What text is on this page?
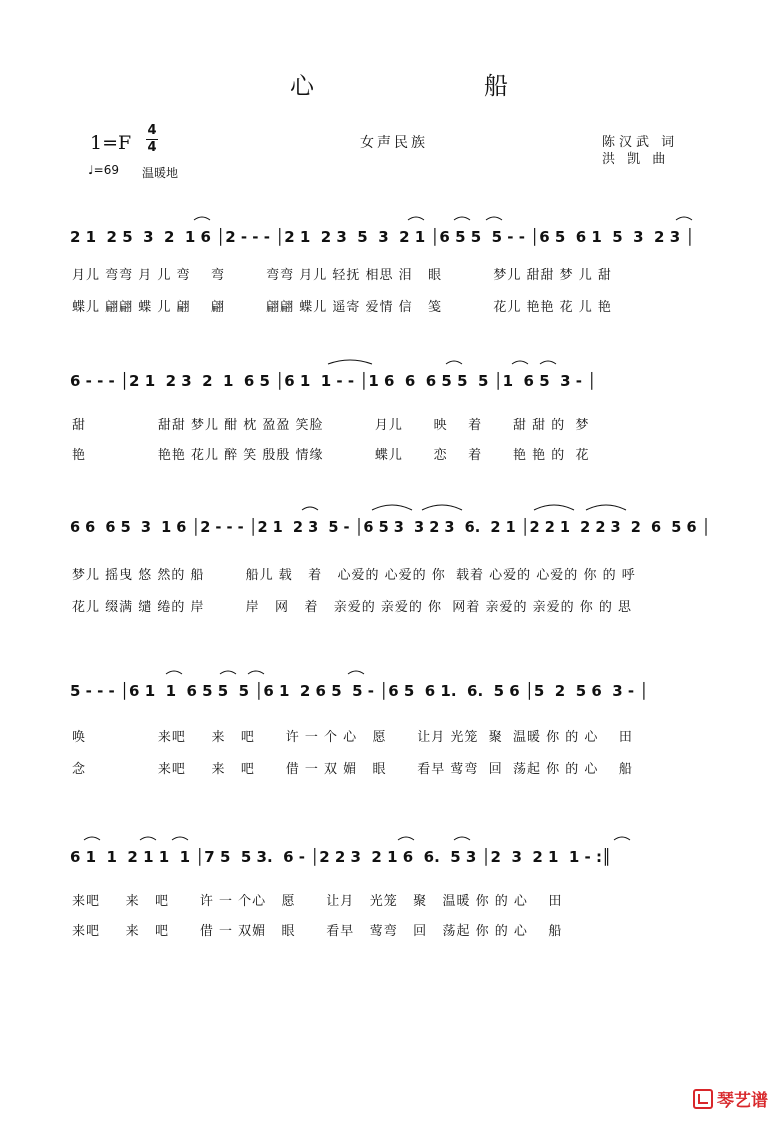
心	船
1=F
4
4
♩=69 温暖地
女声民族	陈汉武 词
洪 凯 曲
2 1  2 5  3  2  1 6 │2 - - - │2 1  2 3  5  3  2 1 │6 5 5  5 - - │6 5  6 1  5  3  2 3 │
月儿 弯弯 月 儿 弯    弯        弯弯 月儿 轻抚 相思 泪   眼          梦儿 甜甜 梦 儿 甜
蝶儿 翩翩 蝶 儿 翩    翩        翩翩 蝶儿 遥寄 爱情 信   笺          花儿 艳艳 花 儿 艳
6 - - - │2 1  2 3  2  1  6 5 │6 1  1 - - │1 6  6  6 5 5  5 │1  6 5  3 - │
甜              甜甜 梦儿 酣 枕 盈盈 笑脸          月儿      映    着      甜 甜 的  梦
艳              艳艳 花儿 醉 笑 殷殷 情缘          蝶儿      恋    着      艳 艳 的  花
6 6  6 5  3  1 6 │2 - - - │2 1  2 3  5 - │6 5 3  3 2 3  6.  2 1 │2 2 1  2 2 3  2  6  5 6 │
梦儿 摇曳 悠 然的 船        船儿 载   着   心爱的 心爱的 你  载着 心爱的 心爱的 你 的 呼
花儿 缀满 缱 绻的 岸        岸   网   着   亲爱的 亲爱的 你  网着 亲爱的 亲爱的 你 的 思
5 - - - │6 1  1  6 5 5  5 │6 1  2 6 5  5 - │6 5  6 1.  6.  5 6 │5  2  5 6  3 - │
唤              来吧     来   吧      许 一 个 心   愿      让月 光笼  聚  温暖 你 的 心    田
念              来吧     来   吧      借 一 双 媚   眼      看早 莺弯  回  荡起 你 的 心    船
6 1  1  2 1 1  1 │7 5  5 3.  6 - │2 2 3  2 1 6  6.  5 3 │2  3  2 1  1 - :║
来吧     来   吧      许 一 个心   愿      让月   光笼   聚   温暖 你 的 心    田
来吧     来   吧      借 一 双媚   眼      看早   莺弯   回   荡起 你 的 心    船
琴艺谱
